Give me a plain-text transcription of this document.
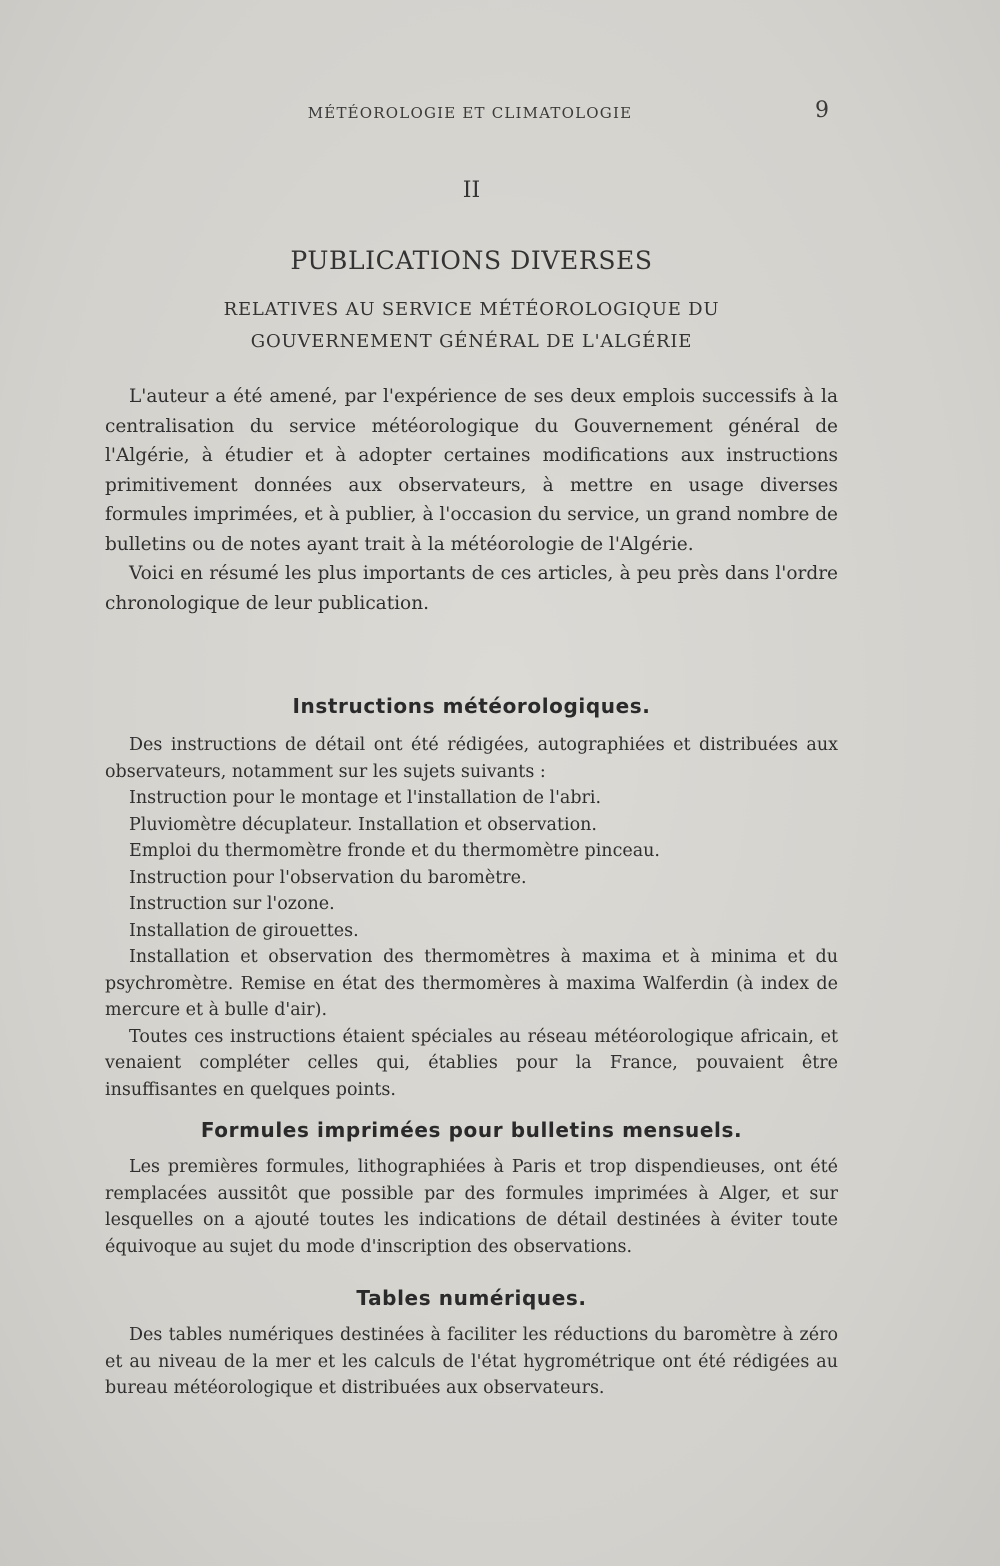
MÉTÉOROLOGIE ET CLIMATOLOGIE	9
II
PUBLICATIONS DIVERSES
RELATIVES AU SERVICE MÉTÉOROLOGIQUE DU
GOUVERNEMENT GÉNÉRAL DE L'ALGÉRIE

L'auteur a été amené, par l'expérience de ses deux emplois successifs à la centralisation du service météorologique du Gouvernement général de l'Algérie, à étudier et à adopter certaines modifications aux instructions primitivement données aux observateurs, à mettre en usage diverses formules imprimées, et à publier, à l'occasion du service, un grand nombre de bulletins ou de notes ayant trait à la météorologie de l'Algérie.

Voici en résumé les plus importants de ces articles, à peu près dans l'ordre chronologique de leur publication.

Instructions météorologiques.

Des instructions de détail ont été rédigées, autographiées et distribuées aux observateurs, notamment sur les sujets suivants :

Instruction pour le montage et l'installation de l'abri.

Pluviomètre décuplateur. Installation et observation.

Emploi du thermomètre fronde et du thermomètre pinceau.

Instruction pour l'observation du baromètre.

Instruction sur l'ozone.

Installation de girouettes.

Installation et observation des thermomètres à maxima et à minima et du psychromètre. Remise en état des thermomères à maxima Walferdin (à index de mercure et à bulle d'air).

Toutes ces instructions étaient spéciales au réseau météorologique africain, et venaient compléter celles qui, établies pour la France, pouvaient être insuffisantes en quelques points.

Formules imprimées pour bulletins mensuels.

Les premières formules, lithographiées à Paris et trop dispendieuses, ont été remplacées aussitôt que possible par des formules imprimées à Alger, et sur lesquelles on a ajouté toutes les indications de détail destinées à éviter toute équivoque au sujet du mode d'inscription des observations.

Tables numériques.

Des tables numériques destinées à faciliter les réductions du baromètre à zéro et au niveau de la mer et les calculs de l'état hygrométrique ont été rédigées au bureau météorologique et distribuées aux observateurs.
